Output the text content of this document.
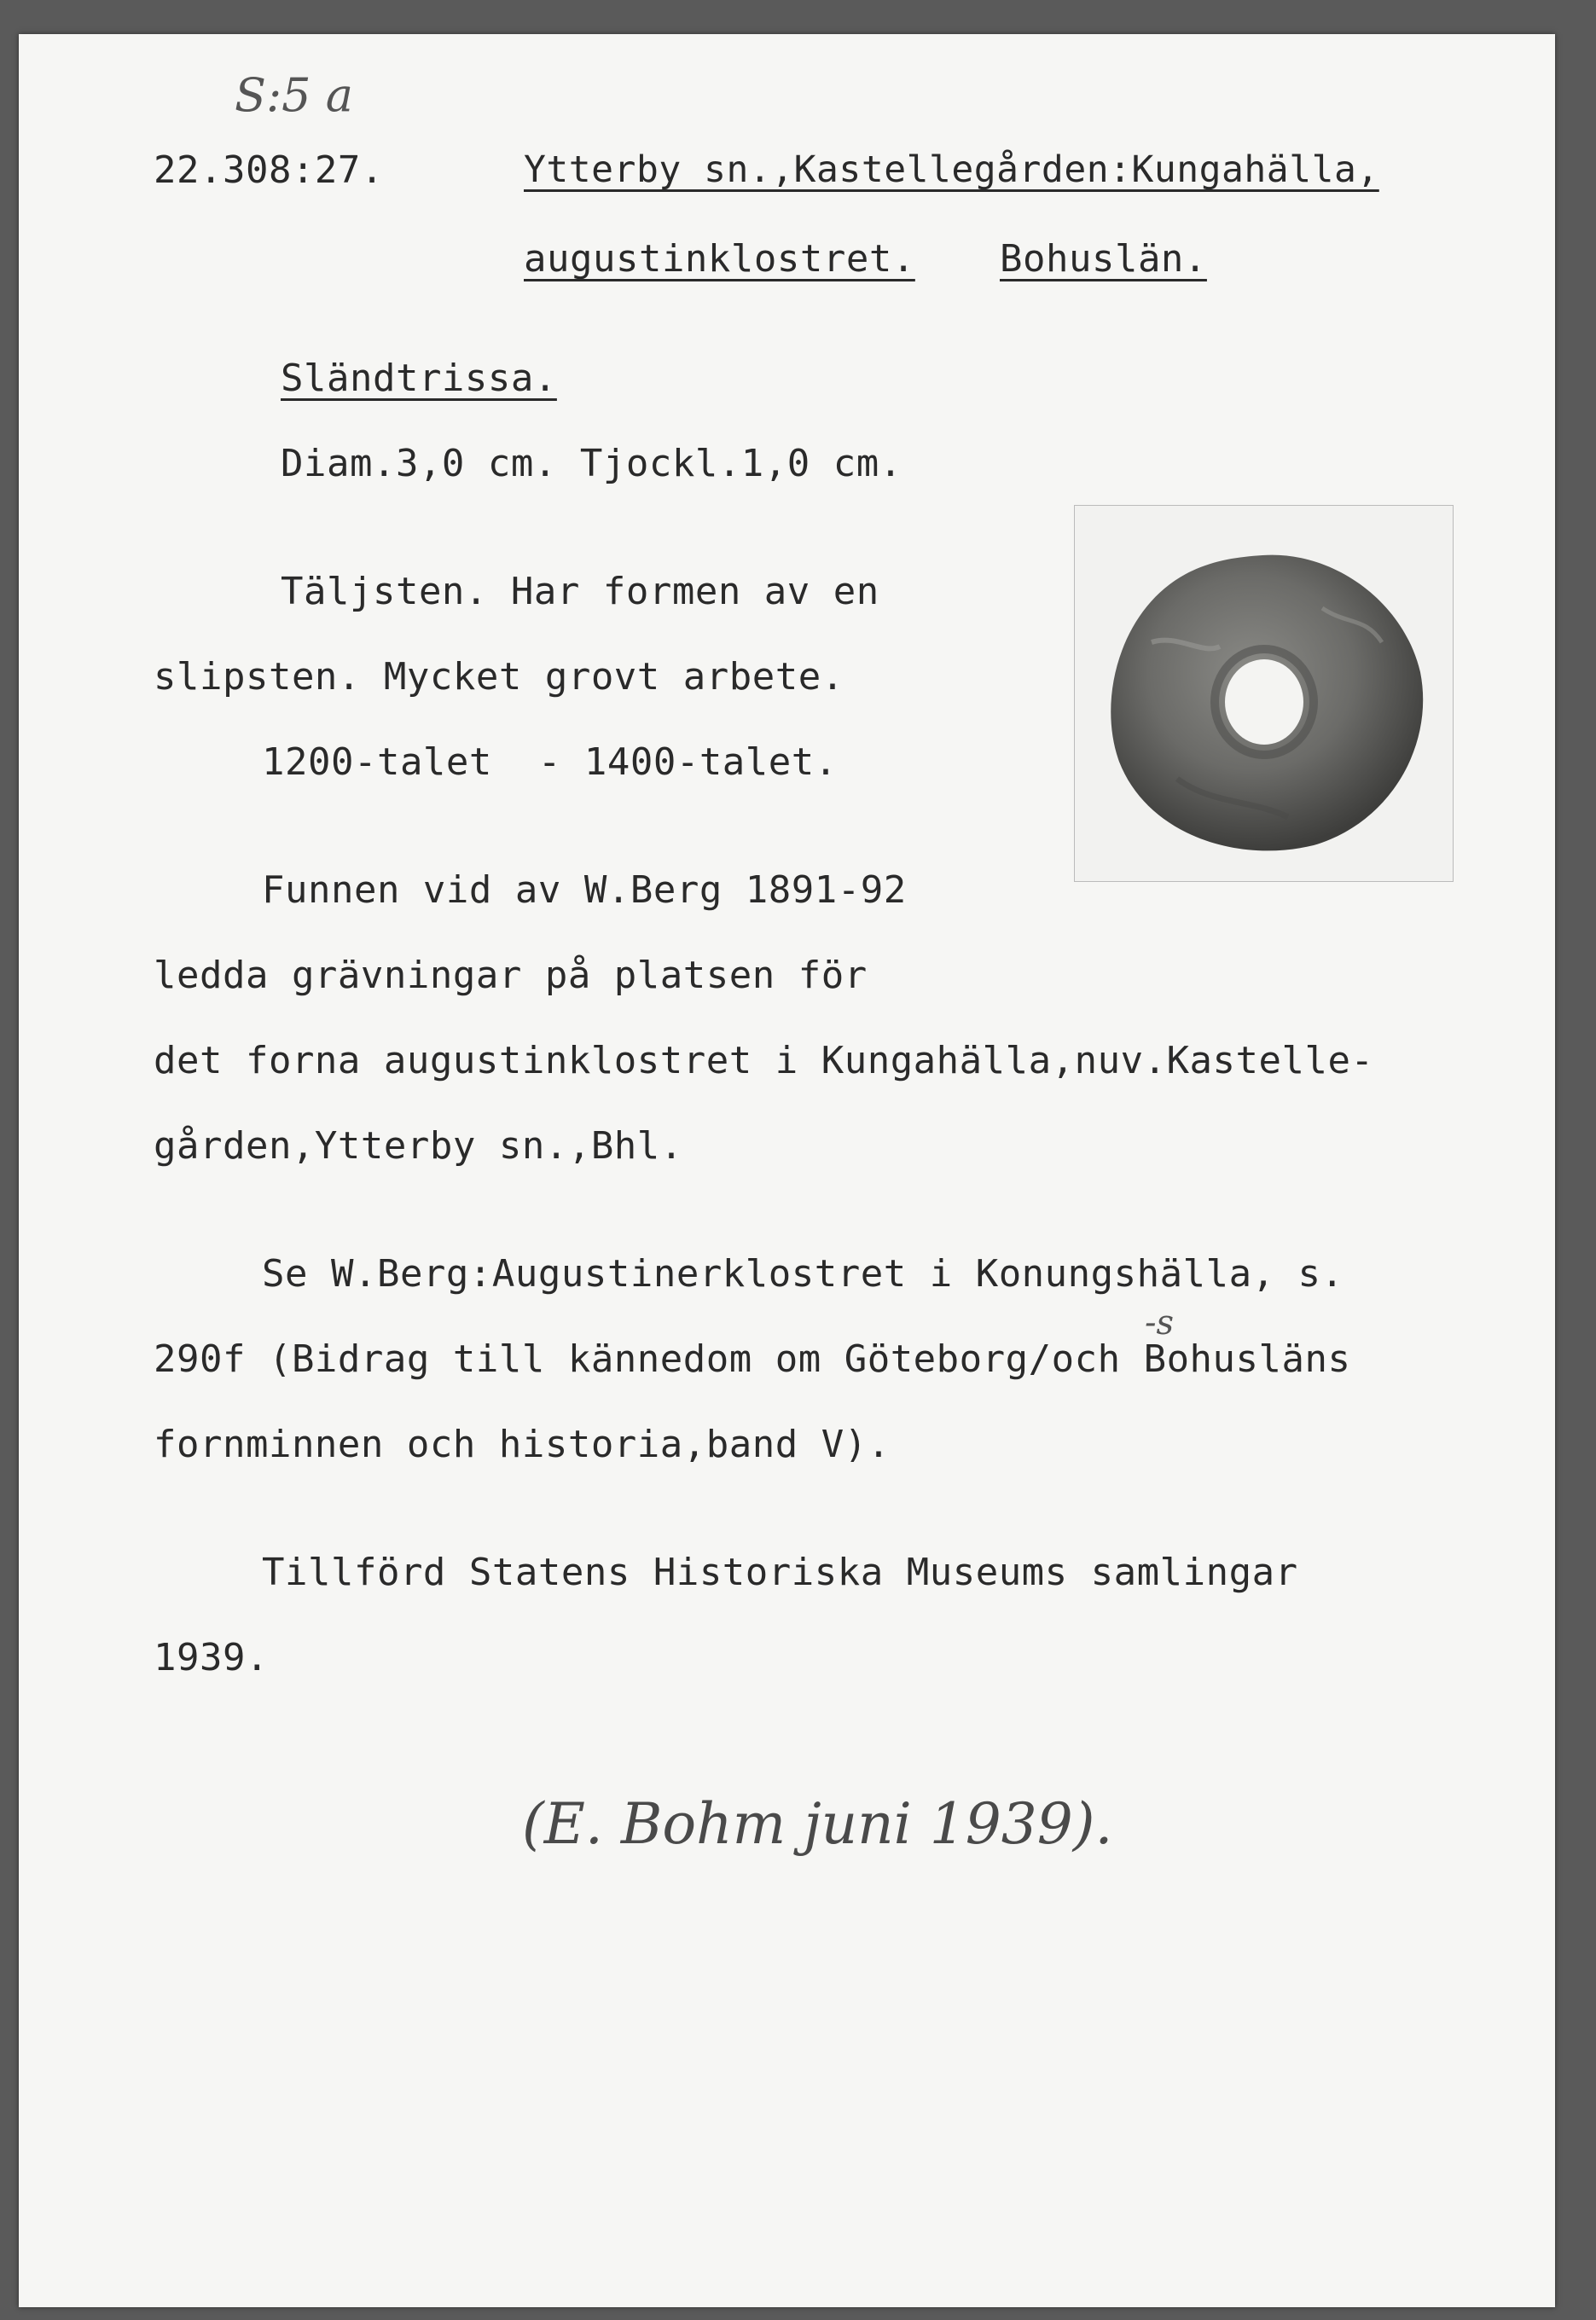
S:5 a
22.308:27.	Ytterby sn.,Kastellegården:Kungahälla,
augustinklostret. Bohuslän.
Sländtrissa.
Diam.3,0 cm. Tjockl.1,0 cm.
Täljsten. Har formen av en
slipsten. Mycket grovt arbete.
1200-talet  - 1400-talet.
Funnen vid av W.Berg 1891-92
ledda grävningar på platsen för
det forna augustinklostret i Kungahälla,nuv.Kastelle-
gården,Ytterby sn.,Bhl.
Se W.Berg:Augustinerklostret i Konungshälla, s.
-s
290f (Bidrag till kännedom om Göteborg/och Bohusläns
fornminnen och historia,band V).
Tillförd Statens Historiska Museums samlingar
1939.
(E. Bohm juni 1939).
